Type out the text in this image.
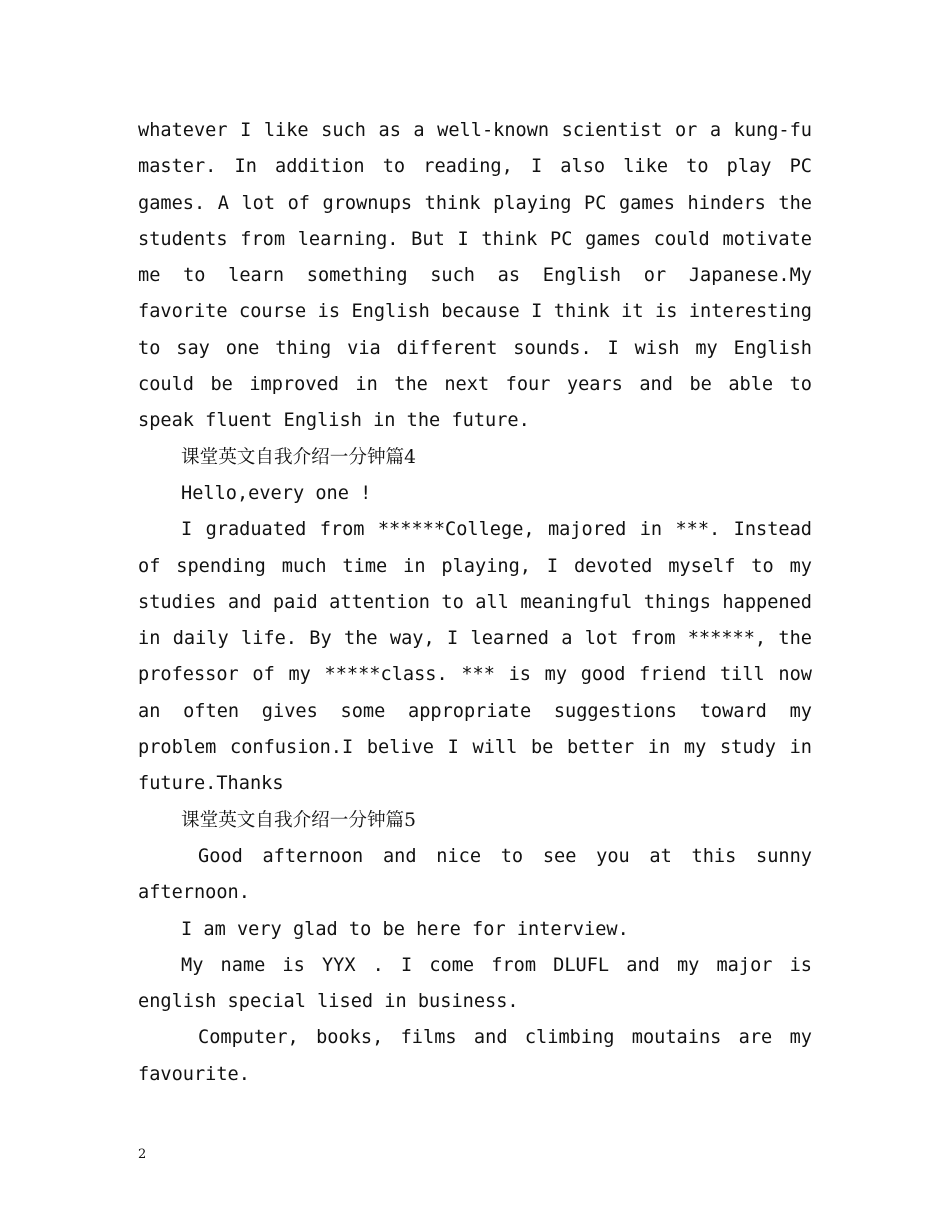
whatever I like such as a well-known scientist or a kung-fu master. In addition to reading, I also like to play PC games. A lot of grownups think playing PC games hinders the students from learning. But I think PC games could motivate me to learn something such as English or Japanese.My favorite course is English because I think it is interesting to say one thing via different sounds. I wish my English could be improved in the next four years and be able to speak fluent English in the future.

课堂英文自我介绍一分钟篇4

Hello,every one !

I graduated from ******College, majored in ***. Instead of spending much time in playing, I devoted myself to my studies and paid attention to all meaningful things happened in daily life. By the way, I learned a lot from ******, the professor of my *****class. *** is my good friend till now an often gives some appropriate suggestions toward my problem confusion.I belive I will be better in my study in future.Thanks

课堂英文自我介绍一分钟篇5

Good afternoon and nice to see you at this sunny afternoon.

I am very glad to be here for interview.

My name is YYX . I come from DLUFL and my major is english special lised in business.

Computer, books, films and climbing moutains are my favourite.

2
